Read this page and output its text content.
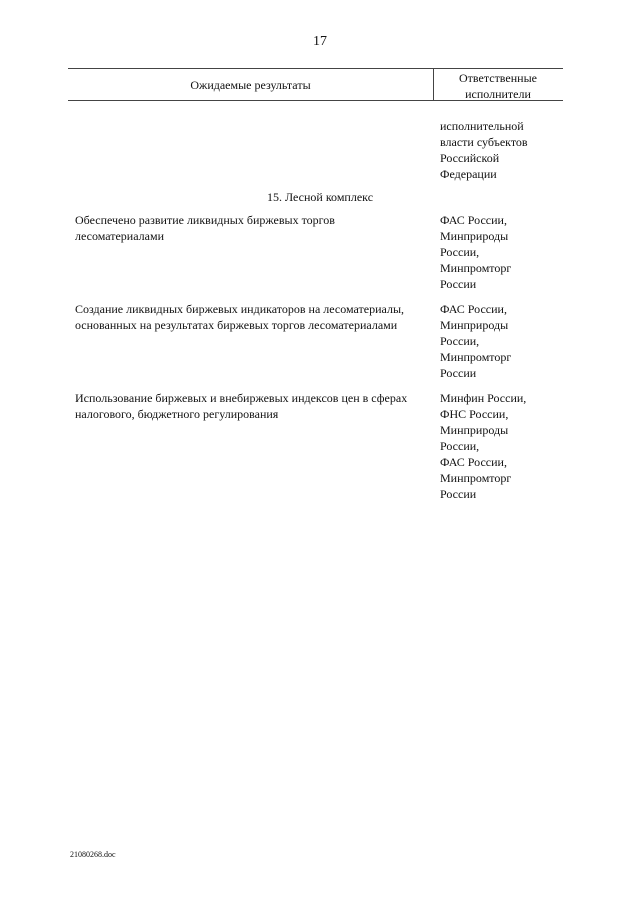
17
Ожидаемые результаты	Ответственные
исполнители
исполнительной
власти субъектов
Российской
Федерации
15. Лесной комплекс
Обеспечено развитие ликвидных биржевых торгов
лесоматериалами
ФАС России,
Минприроды
России,
Минпромторг
России
Создание ликвидных биржевых индикаторов на лесоматериалы,
основанных на результатах биржевых торгов лесоматериалами
ФАС России,
Минприроды
России,
Минпромторг
России
Использование биржевых и внебиржевых индексов цен в сферах
налогового, бюджетного регулирования
Минфин России,
ФНС России,
Минприроды
России,
ФАС России,
Минпромторг
России
21080268.doc
